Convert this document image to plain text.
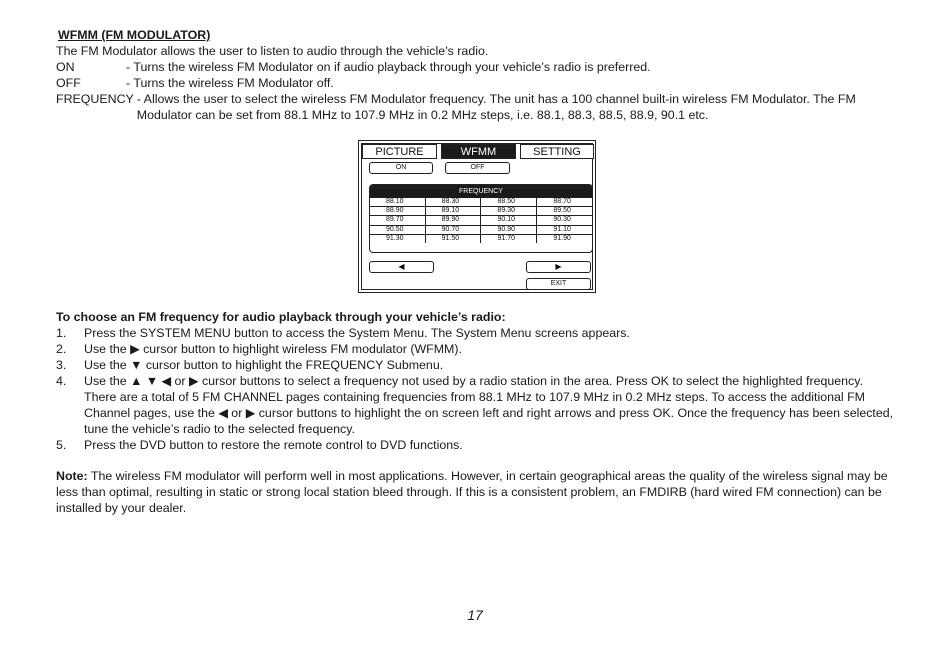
WFMM (FM MODULATOR)
The FM Modulator allows the user to listen to audio through the vehicle’s radio.
ON	- Turns the wireless FM Modulator on if audio playback through your vehicle’s radio is preferred.
OFF	- Turns the wireless FM Modulator off.
FREQUENCY - Allows the user to select the wireless FM Modulator frequency. The unit has a 100 channel built-in wireless FM Modulator. The FM Modulator can be set from 88.1 MHz to 107.9 MHz in 0.2 MHz steps, i.e. 88.1, 88.3, 88.5, 88.9, 90.1 etc.
PICTURE	WFMM	SETTING
ON	OFF
FREQUENCY
88.10	88.30	88.50	88.70
88.90	89.10	89.30	89.50
89.70	89.90	90.10	90.30
90.50	90.70	90.90	91.10
91.30	91.50	91.70	91.90
◀	▶
EXIT
To choose an FM frequency for audio playback through your vehicle’s radio:
1.	Press the SYSTEM MENU button to access the System Menu. The System Menu screens appears.
2.	Use the ▶ cursor button to highlight wireless FM modulator (WFMM).
3.	Use the ▼ cursor button to highlight the FREQUENCY Submenu.
4.	Use the ▲ ▼ ◀ or ▶ cursor buttons to select a frequency not used by a radio station in the area. Press OK to select the highlighted frequency. There are a total of 5 FM CHANNEL pages containing frequencies from 88.1 MHz to 107.9 MHz in 0.2 MHz steps. To access the additional FM Channel pages, use the ◀ or ▶ cursor buttons to highlight the on screen left and right arrows and press OK. Once the frequency has been selected, tune the vehicle’s radio to the selected frequency.
5.	Press the DVD button to restore the remote control to DVD functions.
Note: The wireless FM modulator will perform well in most applications. However, in certain geographical areas the quality of the wireless signal may be less than optimal, resulting in static or strong local station bleed through. If this is a consistent problem, an FMDIRB (hard wired FM connection) can be installed by your dealer.
17
